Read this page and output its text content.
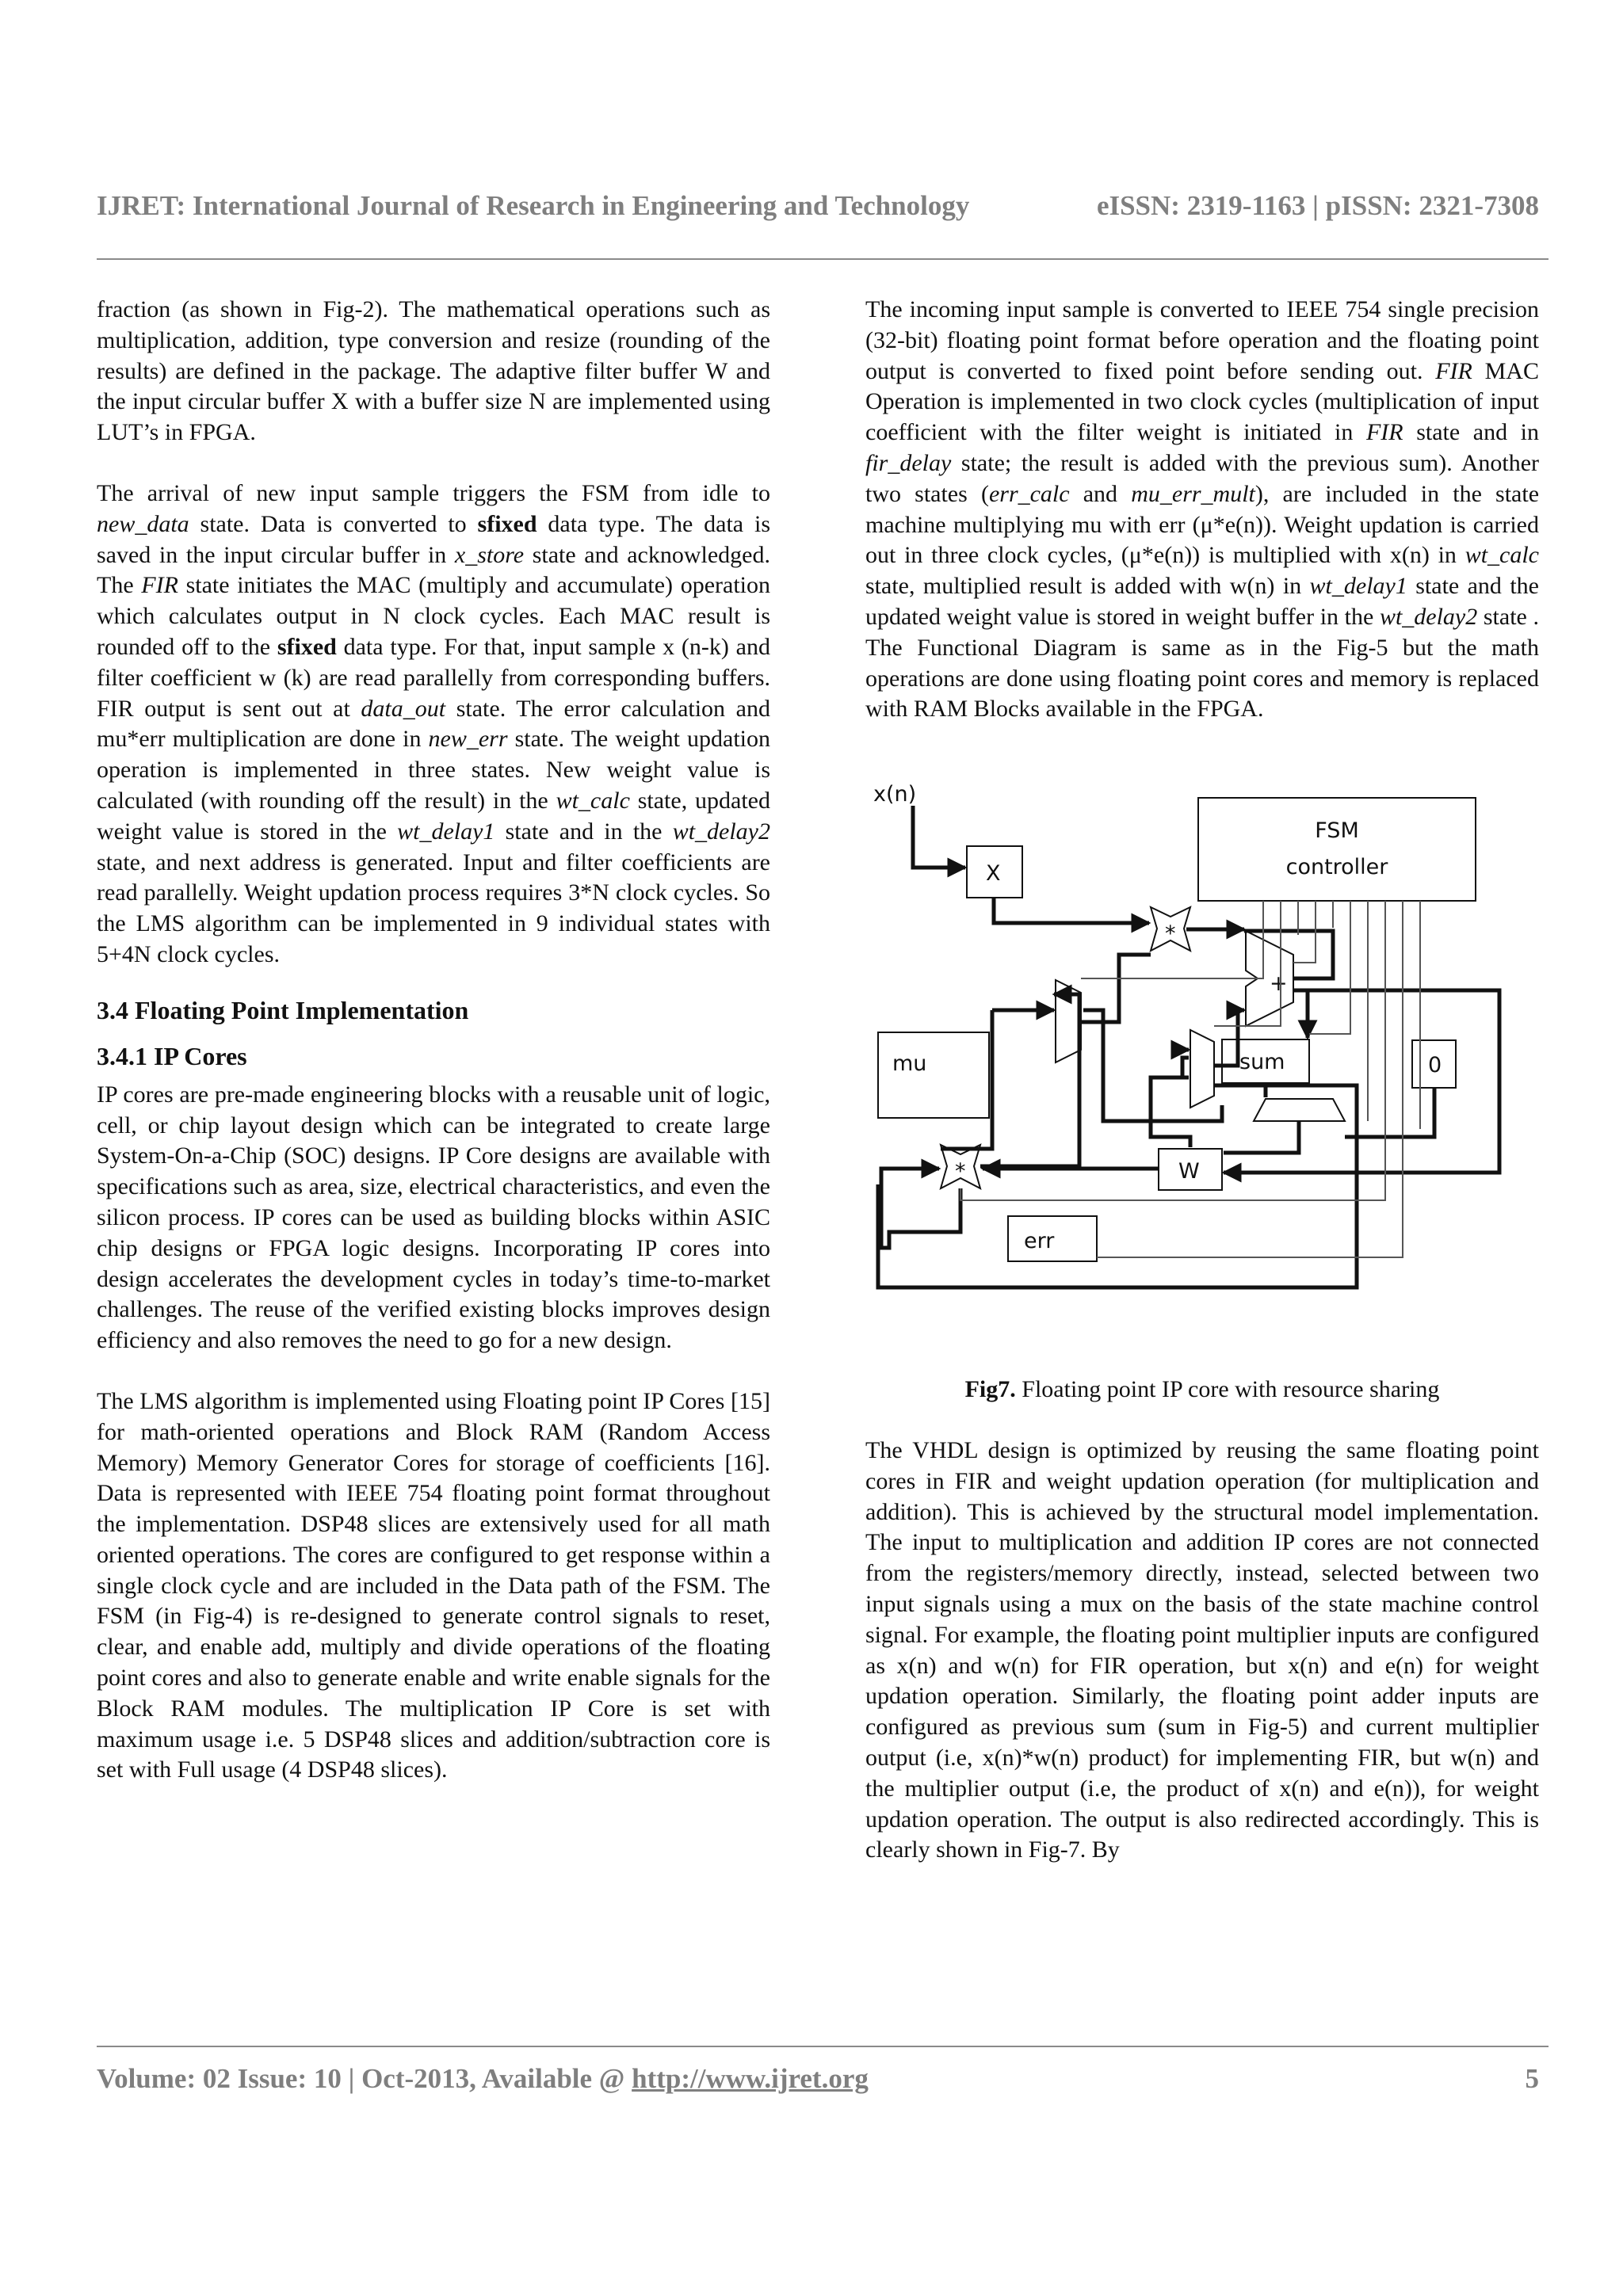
IJRET: International Journal of Research in Engineering and Technology	eISSN: 2319-1163 | pISSN: 2321-7308

fraction (as shown in Fig-2). The mathematical operations such as multiplication, addition, type conversion and resize (rounding of the results) are defined in the package. The adaptive filter buffer W and the input circular buffer X with a buffer size N are implemented using LUT’s in FPGA.

The arrival of new input sample triggers the FSM from idle to new_data state. Data is converted to sfixed data type. The data is saved in the input circular buffer in x_store state and acknowledged. The FIR state initiates the MAC (multiply and accumulate) operation which calculates output in N clock cycles. Each MAC result is rounded off to the sfixed data type. For that, input sample x (n-k) and filter coefficient w (k) are read parallelly from corresponding buffers. FIR output is sent out at data_out state. The error calculation and mu*err multiplication are done in new_err state. The weight updation operation is implemented in three states. New weight value is calculated (with rounding off the result) in the wt_calc state, updated weight value is stored in the wt_delay1 state and in the wt_delay2 state, and next address is generated. Input and filter coefficients are read parallelly. Weight updation process requires 3*N clock cycles. So the LMS algorithm can be implemented in 9 individual states with 5+4N clock cycles.

3.4 Floating Point Implementation
3.4.1 IP Cores

IP cores are pre-made engineering blocks with a reusable unit of logic, cell, or chip layout design which can be integrated to create large System-On-a-Chip (SOC) designs. IP Core designs are available with specifications such as area, size, electrical characteristics, and even the silicon process. IP cores can be used as building blocks within ASIC chip designs or FPGA logic designs. Incorporating IP cores into design accelerates the development cycles in today’s time-to-market challenges. The reuse of the verified existing blocks improves design efficiency and also removes the need to go for a new design.

The LMS algorithm is implemented using Floating point IP Cores [15] for math-oriented operations and Block RAM (Random Access Memory) Memory Generator Cores for storage of coefficients [16]. Data is represented with IEEE 754 floating point format throughout the implementation. DSP48 slices are extensively used for all math oriented operations. The cores are configured to get response within a single clock cycle and are included in the Data path of the FSM. The FSM (in Fig-4) is re-designed to generate control signals to reset, clear, and enable add, multiply and divide operations of the floating point cores and also to generate enable and write enable signals for the Block RAM modules. The multiplication IP Core is set with maximum usage i.e. 5 DSP48 slices and addition/subtraction core is set with Full usage (4 DSP48 slices).

The incoming input sample is converted to IEEE 754 single precision (32-bit) floating point format before operation and the floating point output is converted to fixed point before sending out. FIR MAC Operation is implemented in two clock cycles (multiplication of input coefficient with the filter weight is initiated in FIR state and in fir_delay state; the result is added with the previous sum). Another two states (err_calc and mu_err_mult), are included in the state machine multiplying mu with err (μ*e(n)). Weight updation is carried out in three clock cycles, (μ*e(n)) is multiplied with x(n) in wt_calc state, multiplied result is added with w(n) in wt_delay1 state and the updated weight value is stored in weight buffer in the wt_delay2 state . The Functional Diagram is same as in the Fig-5 but the math operations are done using floating point cores and memory is replaced with RAM Blocks available in the FPGA.

FSM
controller
x(n)
X
mu	sum	0
W
err
*
+
*

Fig7. Floating point IP core with resource sharing

The VHDL design is optimized by reusing the same floating point cores in FIR and weight updation operation (for multiplication and addition). This is achieved by the structural model implementation. The input to multiplication and addition IP cores are not connected from the registers/memory directly, instead, selected between two input signals using a mux on the basis of the state machine control signal. For example, the floating point multiplier inputs are configured as x(n) and w(n) for FIR operation, but x(n) and e(n) for weight updation operation. Similarly, the floating point adder inputs are configured as previous sum (sum in Fig-5) and current multiplier output (i.e, x(n)*w(n) product) for implementing FIR, but w(n) and the multiplier output (i.e, the product of x(n) and e(n)), for weight updation operation. The output is also redirected accordingly. This is clearly shown in Fig-7. By

Volume: 02 Issue: 10 | Oct-2013, Available @ http://www.ijret.org	5
